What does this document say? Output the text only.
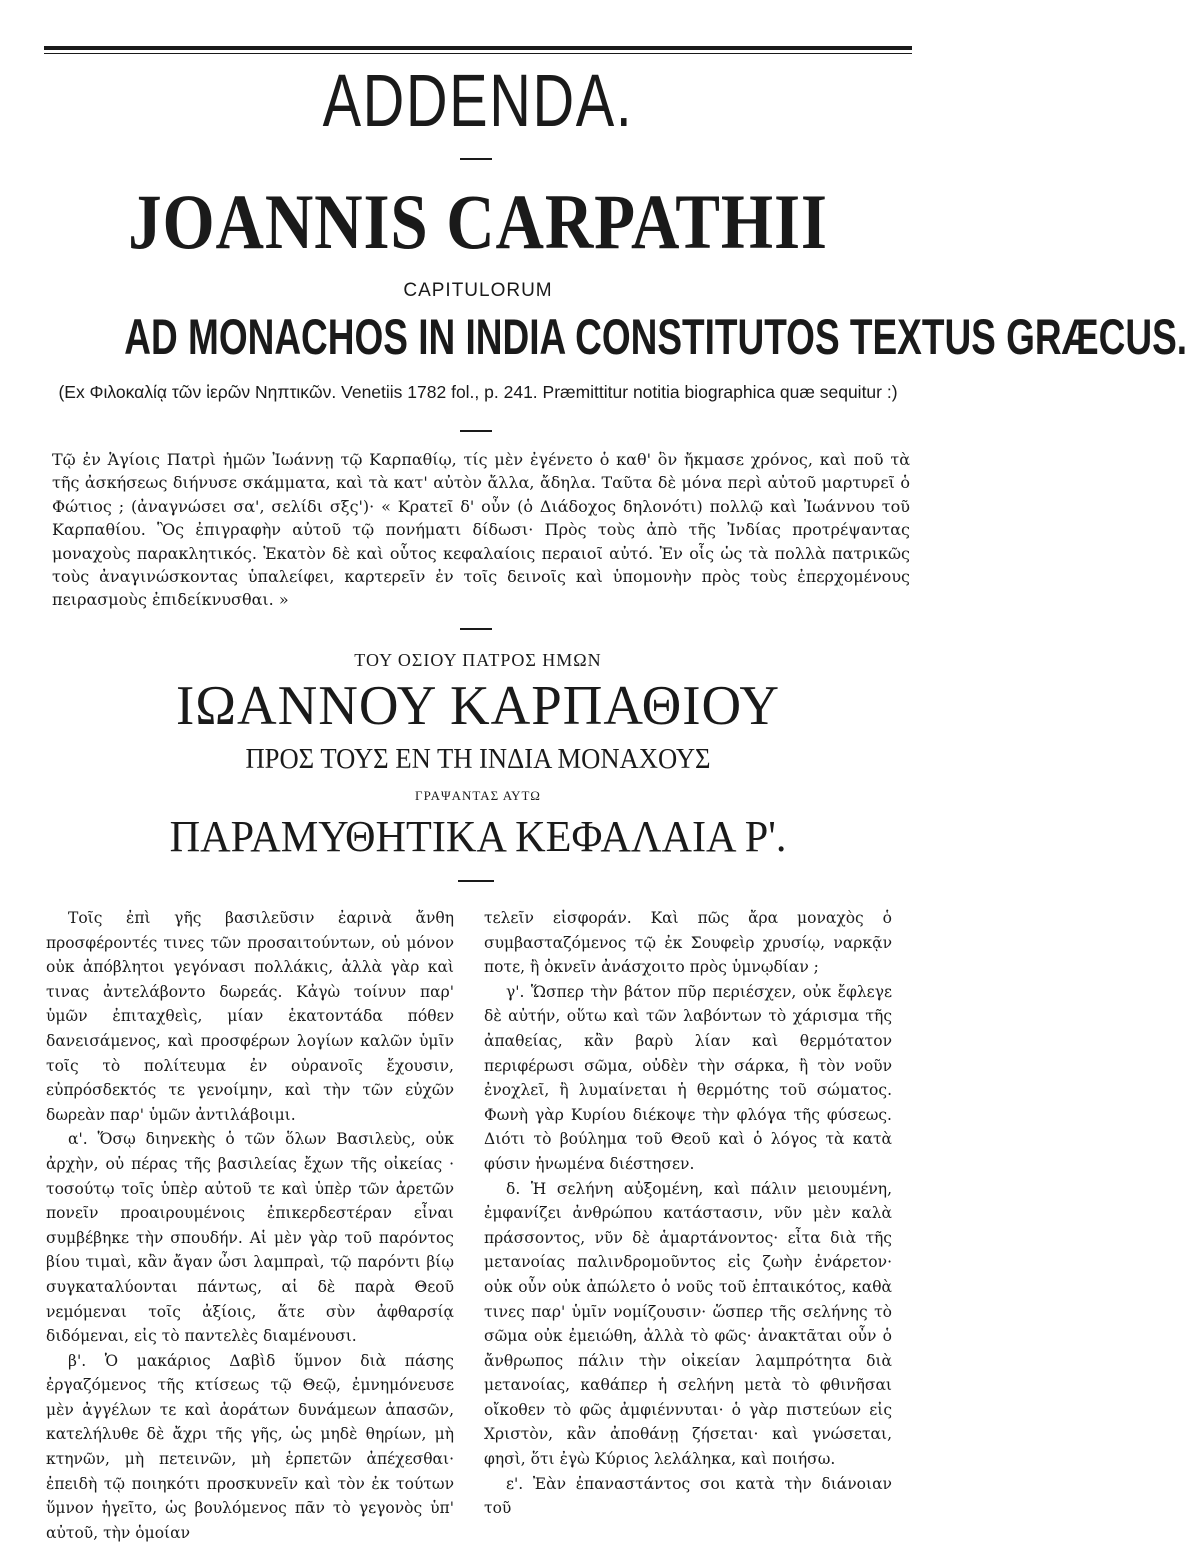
ADDENDA.
JOANNIS CARPATHII
CAPITULORUM
AD MONACHOS IN INDIA CONSTITUTOS TEXTUS GRÆCUS.
(Ex Φιλοκαλίᾳ τῶν ἱερῶν Νηπτικῶν. Venetiis 1782 fol., p. 241. Præmittitur notitia biographica quæ sequitur :)
Τῷ ἐν Ἁγίοις Πατρὶ ἡμῶν Ἰωάννῃ τῷ Καρπαθίῳ, τίς μὲν ἐγένετο ὁ καθ' ὃν ἤκμασε χρόνος, καὶ ποῦ τὰ τῆς ἀσκήσεως διήνυσε σκάμματα, καὶ τὰ κατ' αὐτὸν ἄλλα, ἄδηλα. Ταῦτα δὲ μόνα περὶ αὐτοῦ μαρτυρεῖ ὁ Φώτιος ; (ἀναγνώσει σα', σελίδι σξς')· « Κρατεῖ δ' οὖν (ὁ Διάδοχος δηλονότι) πολλῷ καὶ Ἰωάννου τοῦ Καρπαθίου. Ὃς ἐπιγραφὴν αὐτοῦ τῷ πονήματι δίδωσι· Πρὸς τοὺς ἀπὸ τῆς Ἰνδίας προτρέψαντας μοναχοὺς παρακλητικός. Ἑκατὸν δὲ καὶ οὗτος κεφαλαίοις περαιοῖ αὐτό. Ἐν οἷς ὡς τὰ πολλὰ πατρικῶς τοὺς ἀναγινώσκοντας ὑπαλείφει, καρτερεῖν ἐν τοῖς δεινοῖς καὶ ὑπομονὴν πρὸς τοὺς ἐπερχομένους πειρασμοὺς ἐπιδείκνυσθαι. »
ΤΟΥ ΟΣΙΟΥ ΠΑΤΡΟΣ ΗΜΩΝ
ΙΩΑΝΝΟΥ ΚΑΡΠΑΘΙΟΥ
ΠΡΟΣ ΤΟΥΣ ΕΝ ΤΗ ΙΝΔΙΑ ΜΟΝΑΧΟΥΣ
ΓΡΑΨΑΝΤΑΣ ΑΥΤΩ
ΠΑΡΑΜΥΘΗΤΙΚΑ ΚΕΦΑΛΑΙΑ Ρ'.

Τοῖς ἐπὶ γῆς βασιλεῦσιν ἐαρινὰ ἄνθη προσφέροντές τινες τῶν προσαιτούντων, οὐ μόνον οὐκ ἀπόβλητοι γεγόνασι πολλάκις, ἀλλὰ γὰρ καὶ τινας ἀντελάβοντο δωρεάς. Κἀγὼ τοίνυν παρ' ὑμῶν ἐπιταχθεὶς, μίαν ἑκατοντάδα πόθεν δανεισάμενος, καὶ προσφέρων λογίων καλῶν ὑμῖν τοῖς τὸ πολίτευμα ἐν οὐρανοῖς ἔχουσιν, εὐπρόσδεκτός τε γενοίμην, καὶ τὴν τῶν εὐχῶν δωρεὰν παρ' ὑμῶν ἀντιλάβοιμι.

α'. Ὅσῳ διηνεκὴς ὁ τῶν ὅλων Βασιλεὺς, οὐκ ἀρχὴν, οὐ πέρας τῆς βασιλείας ἔχων τῆς οἰκείας · τοσούτῳ τοῖς ὑπὲρ αὐτοῦ τε καὶ ὑπὲρ τῶν ἀρετῶν πονεῖν προαιρουμένοις ἐπικερδεστέραν εἶναι συμβέβηκε τὴν σπουδήν. Αἱ μὲν γὰρ τοῦ παρόντος βίου τιμαὶ, κἂν ἄγαν ὦσι λαμπραὶ, τῷ παρόντι βίῳ συγκαταλύονται πάντως, αἱ δὲ παρὰ Θεοῦ νεμόμεναι τοῖς ἀξίοις, ἅτε σὺν ἀφθαρσίᾳ διδόμεναι, εἰς τὸ παντελὲς διαμένουσι.

β'. Ὁ μακάριος Δαβὶδ ὕμνον διὰ πάσης ἐργαζόμενος τῆς κτίσεως τῷ Θεῷ, ἐμνημόνευσε μὲν ἀγγέλων τε καὶ ἀοράτων δυνάμεων ἁπασῶν, κατελήλυθε δὲ ἄχρι τῆς γῆς, ὡς μηδὲ θηρίων, μὴ κτηνῶν, μὴ πετεινῶν, μὴ ἑρπετῶν ἀπέχεσθαι· ἐπειδὴ τῷ ποιηκότι προσκυνεῖν καὶ τὸν ἐκ τούτων ὕμνον ἡγεῖτο, ὡς βουλόμενος πᾶν τὸ γεγονὸς ὑπ' αὐτοῦ, τὴν ὁμοίαν

τελεῖν εἰσφοράν. Καὶ πῶς ἄρα μοναχὸς ὁ συμβασταζόμενος τῷ ἐκ Σουφεὶρ χρυσίῳ, ναρκᾷν ποτε, ἢ ὀκνεῖν ἀνάσχοιτο πρὸς ὑμνῳδίαν ;

γ'. Ὥσπερ τὴν βάτον πῦρ περιέσχεν, οὐκ ἔφλεγε δὲ αὐτήν, οὕτω καὶ τῶν λαβόντων τὸ χάρισμα τῆς ἀπαθείας, κἂν βαρὺ λίαν καὶ θερμότατον περιφέρωσι σῶμα, οὐδὲν τὴν σάρκα, ἢ τὸν νοῦν ἐνοχλεῖ, ἢ λυμαίνεται ἡ θερμότης τοῦ σώματος. Φωνὴ γὰρ Κυρίου διέκοψε τὴν φλόγα τῆς φύσεως. Διότι τὸ βούλημα τοῦ Θεοῦ καὶ ὁ λόγος τὰ κατὰ φύσιν ἡνωμένα διέστησεν.

δ. Ἡ σελήνη αὐξομένη, καὶ πάλιν μειουμένη, ἐμφανίζει ἀνθρώπου κατάστασιν, νῦν μὲν καλὰ πράσσοντος, νῦν δὲ ἁμαρτάνοντος· εἶτα διὰ τῆς μετανοίας παλινδρομοῦντος εἰς ζωὴν ἐνάρετον· οὐκ οὖν οὐκ ἀπώλετο ὁ νοῦς τοῦ ἐπταικότος, καθὰ τινες παρ' ὑμῖν νομίζουσιν· ὥσπερ τῆς σελήνης τὸ σῶμα οὐκ ἐμειώθη, ἀλλὰ τὸ φῶς· ἀνακτᾶται οὖν ὁ ἄνθρωπος πάλιν τὴν οἰκείαν λαμπρότητα διὰ μετανοίας, καθάπερ ἡ σελήνη μετὰ τὸ φθινῆσαι οἴκοθεν τὸ φῶς ἀμφιέννυται· ὁ γὰρ πιστεύων εἰς Χριστὸν, κἂν ἀποθάνῃ ζήσεται· καὶ γνώσεται, φησὶ, ὅτι ἐγὼ Κύριος λελάληκα, καὶ ποιήσω.

ε'. Ἐὰν ἐπαναστάντος σοι κατὰ τὴν διάνοιαν τοῦ
